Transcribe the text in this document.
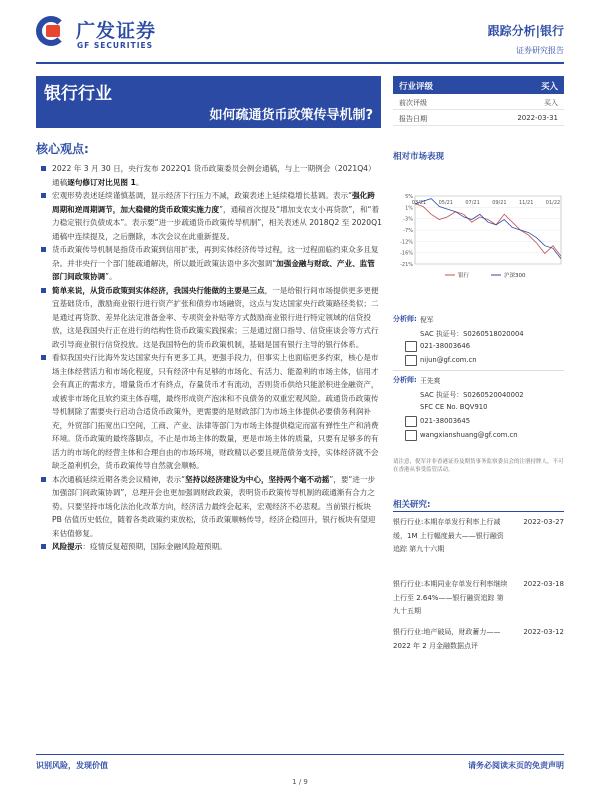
广发证券
GF SECURITIES
跟踪分析|银行
证券研究报告
银行行业
如何疏通货币政策传导机制?
核心观点:
2022 年 3 月 30 日，央行发布 2022Q1 货币政策委员会例会通稿，与上一期例会（2021Q4）通稿逐句修订对比见图 1。
宏观形势表述延续谨慎基调，显示经济下行压力不减，政策表述上延续稳增长基调。表示“强化跨周期和逆周期调节，加大稳健的货币政策实施力度”，通稿首次提及“增加支农支小再贷款”，和“着力稳定银行负债成本”。表示要“进一步疏通货币政策传导机制”，相关表述从 2018Q2 至 2020Q1 通稿中连续提及，之后删除，本次会议在此重新提及。
货币政策传导机制是指货币政策到信用扩张，再到实体经济传导过程，这一过程面临约束众多且复杂。并非央行一个部门能疏通解决，所以最近政策法语中多次强调“加强金融与财政、产业、监管部门间政策协调”。
简单来说，从货币政策到实体经济，我国央行能做的主要是三点，一是给银行间市场提供更多更便宜基础货币，激励商业银行进行资产扩张和债券市场融资，这点与发达国家央行政策路径类似；二是通过再贷款、差异化法定准备金率、专项资金补贴等方式鼓励商业银行进行特定领域的信贷投放，这是我国央行正在进行的结构性货币政策实践探索；三是通过窗口指导、信贷座谈会等方式行政引导商业银行信贷投放。这是我国特色的货币政策机制，基础是国有银行主导的银行体系。
看似我国央行比海外发达国家央行有更多工具，更强手段力，但事实上也面临更多约束，核心是市场主体经营活力和市场化程度，只有经济中有足够的市场化、有活力、能盈利的市场主体，信用才会有真正的需求方，增量货币才有終点，存量货币才有流动，否则货币供给只能淤积进金融资产，或被非市场化且软约束主体吞噬，最终形成资产泡沫和不良债务的双重宏观风险。疏通货币政策传导机制除了需要央行启动合适货币政策外，更需要的是财政部门为市场主体提供必要债务利润补充，外贸部门拓宽出口空间，工商、产业、法律等部门为市场主体提供稳定而富有弹性生产和消费环境。货币政策的最终落脚点，不止是市场主体的数量，更是市场主体的质量，只要有足够多的有活力的市场化的经营主体和合理自由的市场环境，财政精以必要且规范债务支持，实体经济就不会缺乏盈利机会，货币政策传导自然就会顺畅。
本次通稿延续近期各类会议精神，表示“坚持以经济建设为中心，坚持两个毫不动摇”，要“进一步加强部门间政策协调”，总理开会也更加强调财政政策，表明货币政策传导机制的疏通渐有合力之势。只要坚持市场化法治化改革方向，经济活力最终会起来，宏观经济不必悲观。当前银行板块 PB 估值历史低位，随着各类政策约束放松，货币政策顺畅传导，经济企稳回升，银行板块有望迎来估值修复。
风险提示：疫情反复超预期，国际金融风险超预期。
行业评级	买入
前次评级	买入
报告日期	2022-03-31
相对市场表现
5%
1%
-3%
-7%
-12%
-16%
-21%
03/21 05/21 07/21 09/21 11/21 01/22
银行	沪深300
分析师: 倪军
SAC 执证号：S0260518020004
021-38003646
nijun@gf.com.cn
分析师: 王先爽
SAC 执证号：S0260520040002
SFC CE No. BQV910
021-38003645
wangxianshuang@gf.com.cn
请注意，倪军并非香港证券及期货事务监察委员会的注册持牌人，不可在香港从事受监管活动。
相关研究:
银行行业:本期存单发行利率上行减缓，1M 上行幅度最大——银行融资追踪 第九十六期
2022-03-27
银行行业:本期同业存单发行利率继续上行至 2.64%——银行融资追踪 第九十五期
2022-03-18
银行行业:地产破局，财政蓄力——2022 年 2 月金融数据点评
2022-03-12
识别风险，发现价值	请务必阅读末页的免责声明
1 / 9
